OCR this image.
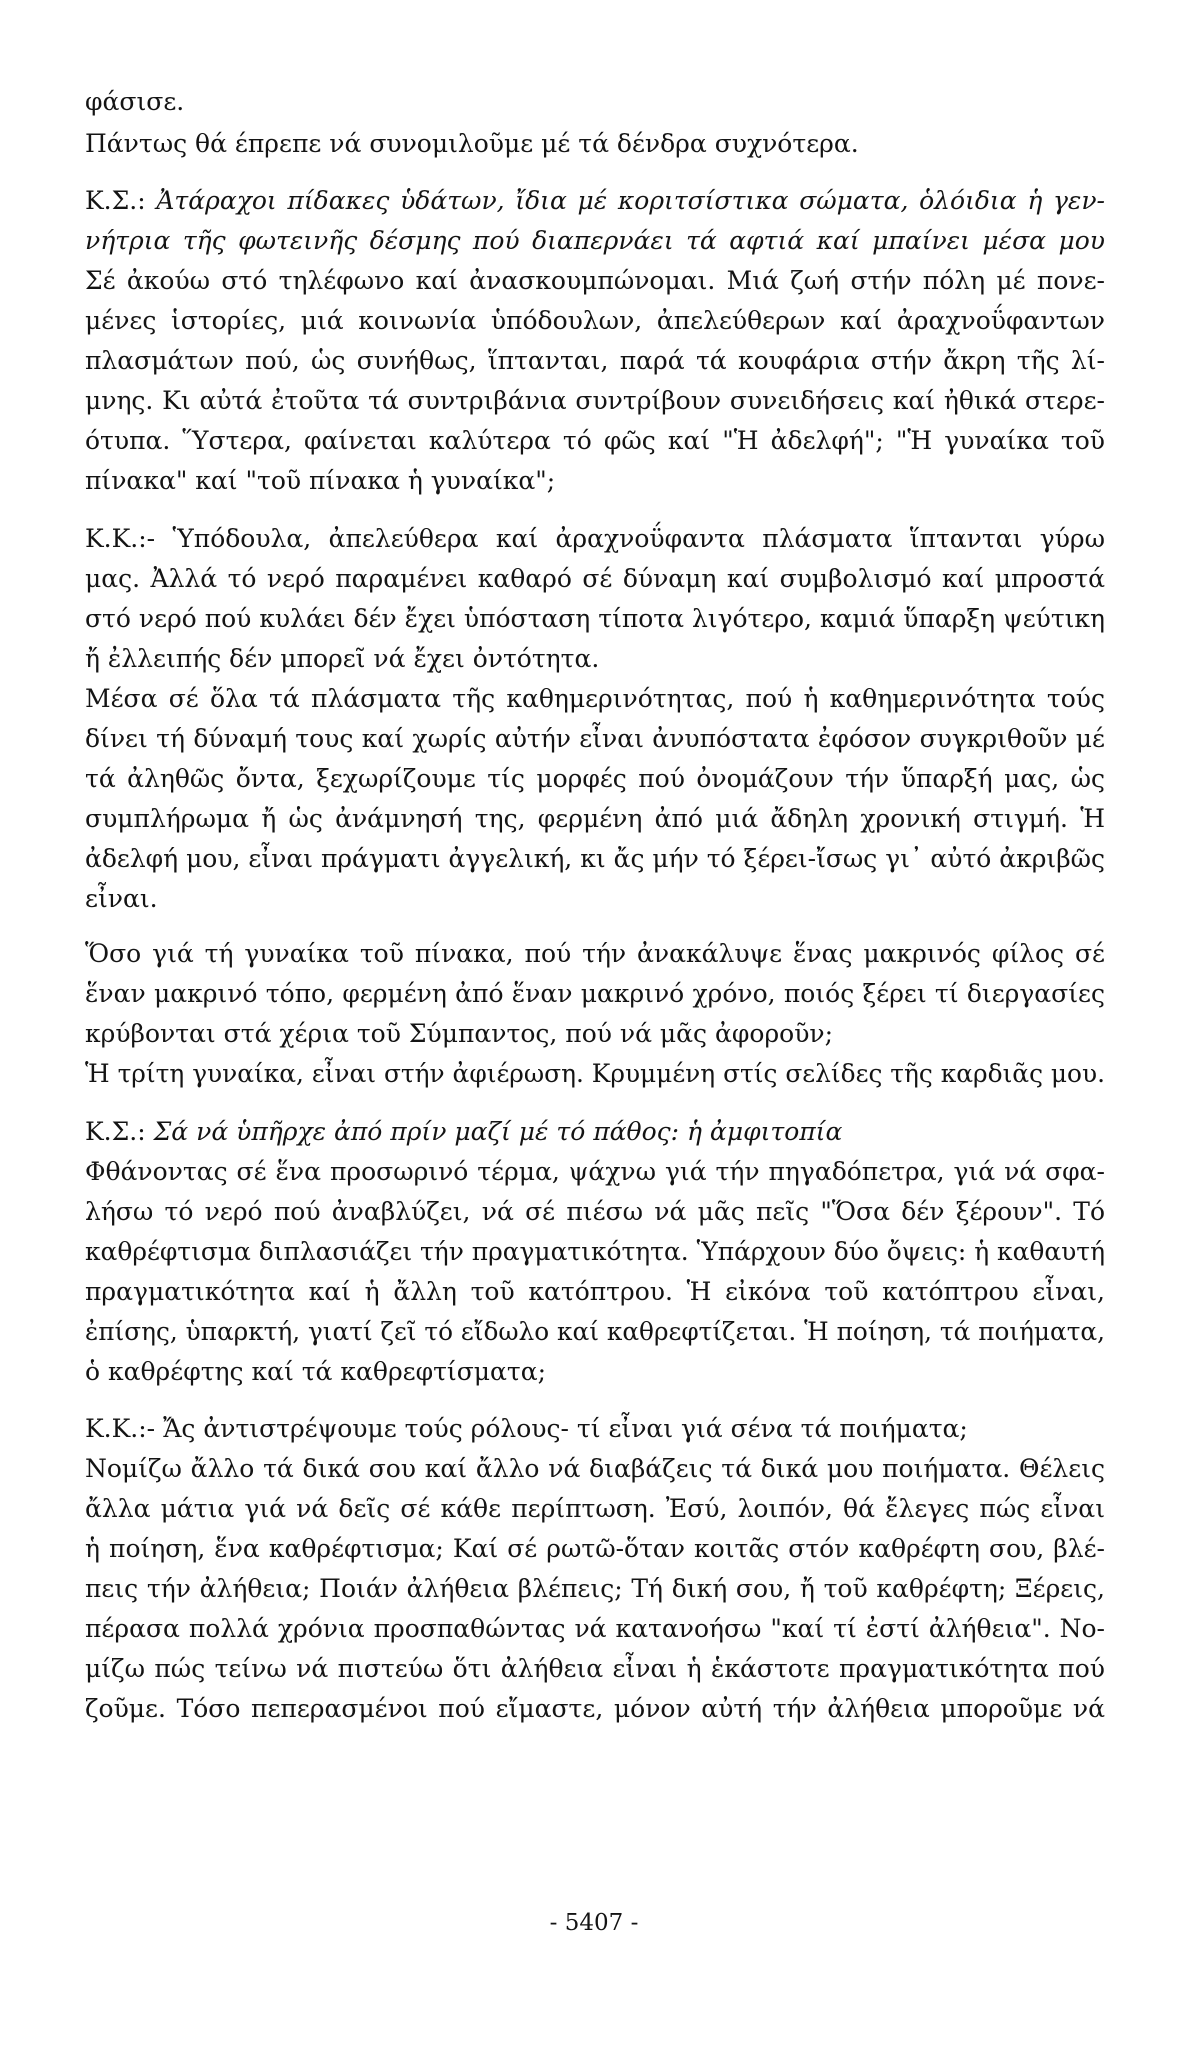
φάσισε.
Πάντως θά έπρεπε νά συνομιλοῦμε μέ τά δένδρα συχνότερα.
Κ.Σ.: Ἀτάραχοι πίδακες ὑδάτων, ἴδια μέ κοριτσίστικα σώματα, ὁλόιδια ἡ γεν-
νήτρια τῆς φωτεινῆς δέσμης πού διαπερνάει τά αφτιά καί μπαίνει μέσα μου
Σέ ἀκούω στό τηλέφωνο καί ἀνασκουμπώνομαι. Μιά ζωή στήν πόλη μέ πονε-
μένες ἱστορίες, μιά κοινωνία ὑπόδουλων, ἀπελεύθερων καί ἀραχνοΰφαντων
πλασμάτων πού, ὡς συνήθως, ἵπτανται, παρά τά κουφάρια στήν ἄκρη τῆς λί-
μνης. Κι αὐτά ἐτοῦτα τά συντριβάνια συντρίβουν συνειδήσεις καί ἠθικά στερε-
ότυπα. Ὕστερα, φαίνεται καλύτερα τό φῶς καί "Ἡ ἀδελφή"; "Ἡ γυναίκα τοῦ
πίνακα" καί "τοῦ πίνακα ἡ γυναίκα";
Κ.Κ.:- Ὑπόδουλα, ἀπελεύθερα καί ἀραχνοΰφαντα πλάσματα ἵπτανται γύρω
μας. Ἀλλά τό νερό παραμένει καθαρό σέ δύναμη καί συμβολισμό καί μπροστά
στό νερό πού κυλάει δέν ἔχει ὑπόσταση τίποτα λιγότερο, καμιά ὕπαρξη ψεύτικη
ἤ ἐλλειπής δέν μπορεῖ νά ἔχει ὀντότητα.
Μέσα σέ ὅλα τά πλάσματα τῆς καθημερινότητας, πού ἡ καθημερινότητα τούς
δίνει τή δύναμή τους καί χωρίς αὐτήν εἶναι ἀνυπόστατα ἐφόσον συγκριθοῦν μέ
τά ἀληθῶς ὄντα, ξεχωρίζουμε τίς μορφές πού ὀνομάζουν τήν ὕπαρξή μας, ὡς
συμπλήρωμα ἤ ὡς ἀνάμνησή της, φερμένη ἀπό μιά ἄδηλη χρονική στιγμή. Ἡ
ἀδελφή μου, εἶναι πράγματι ἀγγελική, κι ἄς μήν τό ξέρει-ἴσως γι᾿ αὐτό ἀκριβῶς
εἶναι.
Ὅσο γιά τή γυναίκα τοῦ πίνακα, πού τήν ἀνακάλυψε ἕνας μακρινός φίλος σέ
ἕναν μακρινό τόπο, φερμένη ἀπό ἕναν μακρινό χρόνο, ποιός ξέρει τί διεργασίες
κρύβονται στά χέρια τοῦ Σύμπαντος, πού νά μᾶς ἀφοροῦν;
Ἡ τρίτη γυναίκα, εἶναι στήν ἀφιέρωση. Κρυμμένη στίς σελίδες τῆς καρδιᾶς μου.
Κ.Σ.: Σά νά ὑπῆρχε ἀπό πρίν μαζί μέ τό πάθος: ἡ ἀμφιτοπία
Φθάνοντας σέ ἕνα προσωρινό τέρμα, ψάχνω γιά τήν πηγαδόπετρα, γιά νά σφα-
λήσω τό νερό πού ἀναβλύζει, νά σέ πιέσω νά μᾶς πεῖς "Ὅσα δέν ξέρουν". Τό
καθρέφτισμα διπλασιάζει τήν πραγματικότητα. Ὑπάρχουν δύο ὄψεις: ἡ καθαυτή
πραγματικότητα καί ἡ ἄλλη τοῦ κατόπτρου. Ἡ εἰκόνα τοῦ κατόπτρου εἶναι,
ἐπίσης, ὑπαρκτή, γιατί ζεῖ τό εἴδωλο καί καθρεφτίζεται. Ἡ ποίηση, τά ποιήματα,
ὁ καθρέφτης καί τά καθρεφτίσματα;
Κ.Κ.:- Ἄς ἀντιστρέψουμε τούς ρόλους- τί εἶναι γιά σένα τά ποιήματα;
Νομίζω ἄλλο τά δικά σου καί ἄλλο νά διαβάζεις τά δικά μου ποιήματα. Θέλεις
ἄλλα μάτια γιά νά δεῖς σέ κάθε περίπτωση. Ἐσύ, λοιπόν, θά ἔλεγες πώς εἶναι
ἡ ποίηση, ἕνα καθρέφτισμα; Καί σέ ρωτῶ-ὅταν κοιτᾶς στόν καθρέφτη σου, βλέ-
πεις τήν ἀλήθεια; Ποιάν ἀλήθεια βλέπεις; Τή δική σου, ἤ τοῦ καθρέφτη; Ξέρεις,
πέρασα πολλά χρόνια προσπαθώντας νά κατανοήσω "καί τί ἐστί ἀλήθεια". Νο-
μίζω πώς τείνω νά πιστεύω ὅτι ἀλήθεια εἶναι ἡ ἑκάστοτε πραγματικότητα πού
ζοῦμε. Τόσο πεπερασμένοι πού εἴμαστε, μόνον αὐτή τήν ἀλήθεια μποροῦμε νά
- 5407 -
